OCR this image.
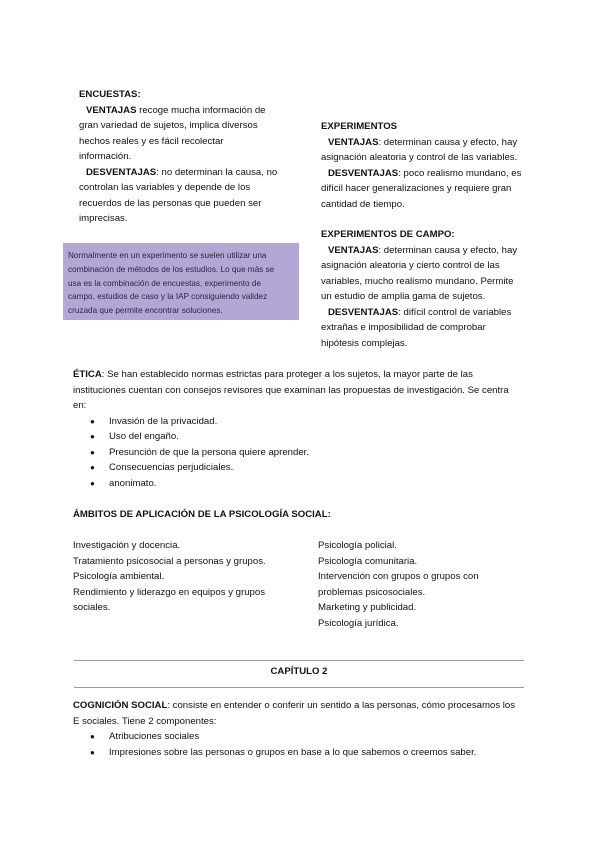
ENCUESTAS:
VENTAJAS recoge mucha información de
gran variedad de sujetos, implica diversos
hechos reales y es fácil recolectar
información.
DESVENTAJAS: no determinan la causa, no
controlan las variables y depende de los
recuerdos de las personas que pueden ser
imprecisas.
Normalmente en un experimento se suelen utilizar una
combinación de métodos de los estudios. Lo que más se
usa es la combinación de encuestas, experimento de
campo, estudios de caso y la IAP consiguiendo validez
cruzada que permite encontrar soluciones.
EXPERIMENTOS
VENTAJAS: determinan causa y efecto, hay
asignación aleatoria y control de las variables.
DESVENTAJAS: poco realismo mundano, es
difícil hacer generalizaciones y requiere gran
cantidad de tiempo.
EXPERIMENTOS DE CAMPO:
VENTAJAS: determinan causa y efecto, hay
asignación aleatoria y cierto control de las
variables, mucho realismo mundano. Permite
un estudio de amplia gama de sujetos.
DESVENTAJAS: difícil control de variables
extrañas e imposibilidad de comprobar
hipótesis complejas.
ÉTICA: Se han establecido normas estrictas para proteger a los sujetos, la mayor parte de las
instituciones cuentan con consejos revisores que examinan las propuestas de investigación. Se centra
en:
● Invasión de la privacidad.
● Uso del engaño.
● Presunción de que la persona quiere aprender.
● Consecuencias perjudiciales.
● anonimato.
ÁMBITOS DE APLICACIÓN DE LA PSICOLOGÍA SOCIAL:
Investigación y docencia.
Tratamiento psicosocial a personas y grupos.
Psicología ambiental.
Rendimiento y liderazgo en equipos y grupos
sociales.
Psicología policial.
Psicología comunitaria.
Intervención con grupos o grupos con
problemas psicosociales.
Marketing y publicidad.
Psicología jurídica.
CAPÍTULO 2
COGNICIÓN SOCIAL: consiste en entender o conferir un sentido a las personas, cómo procesamos los
E sociales. Tiene 2 componentes:
● Atribuciones sociales
● Impresiones sobre las personas o grupos en base a lo que sabemos o creemos saber.
